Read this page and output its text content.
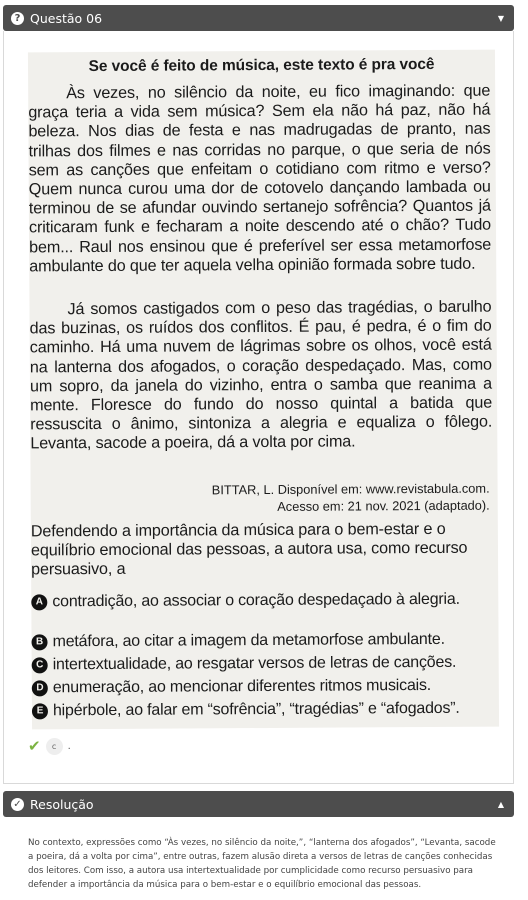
? Questão 06	▼
Se você é feito de música, este texto é pra você
Às vezes, no silêncio da noite, eu fico imaginando: que graça teria a vida sem música? Sem ela não há paz, não há beleza. Nos dias de festa e nas madrugadas de pranto, nas trilhas dos filmes e nas corridas no parque, o que seria de nós sem as canções que enfeitam o cotidiano com ritmo e verso? Quem nunca curou uma dor de cotovelo dançando lambada ou terminou de se afundar ouvindo sertanejo sofrência? Quantos já criticaram funk e fecharam a noite descendo até o chão? Tudo bem... Raul nos ensinou que é preferível ser essa metamorfose ambulante do que ter aquela velha opinião formada sobre tudo.
Já somos castigados com o peso das tragédias, o barulho das buzinas, os ruídos dos conflitos. É pau, é pedra, é o fim do caminho. Há uma nuvem de lágrimas sobre os olhos, você está na lanterna dos afogados, o coração despedaçado. Mas, como um sopro, da janela do vizinho, entra o samba que reanima a mente. Floresce do fundo do nosso quintal a batida que ressuscita o ânimo, sintoniza a alegria e equaliza o fôlego. Levanta, sacode a poeira, dá a volta por cima.
BITTAR, L. Disponível em: www.revistabula.com.
Acesso em: 21 nov. 2021 (adaptado).
Defendendo a importância da música para o bem-estar e o equilíbrio emocional das pessoas, a autora usa, como recurso persuasivo, a
A contradição, ao associar o coração despedaçado à alegria.
B metáfora, ao citar a imagem da metamorfose ambulante.
C intertextualidade, ao resgatar versos de letras de canções.
D enumeração, ao mencionar diferentes ritmos musicais.
E hipérbole, ao falar em “sofrência”, “tragédias” e “afogados”.
✔	c	.
✓ Resolução	▲
No contexto, expressões como “Às vezes, no silêncio da noite,”, “lanterna dos afogados”, “Levanta, sacode a poeira, dá a volta por cima”, entre outras, fazem alusão direta a versos de letras de canções conhecidas dos leitores. Com isso, a autora usa intertextualidade por cumplicidade como recurso persuasivo para defender a importância da música para o bem-estar e o equilíbrio emocional das pessoas.
